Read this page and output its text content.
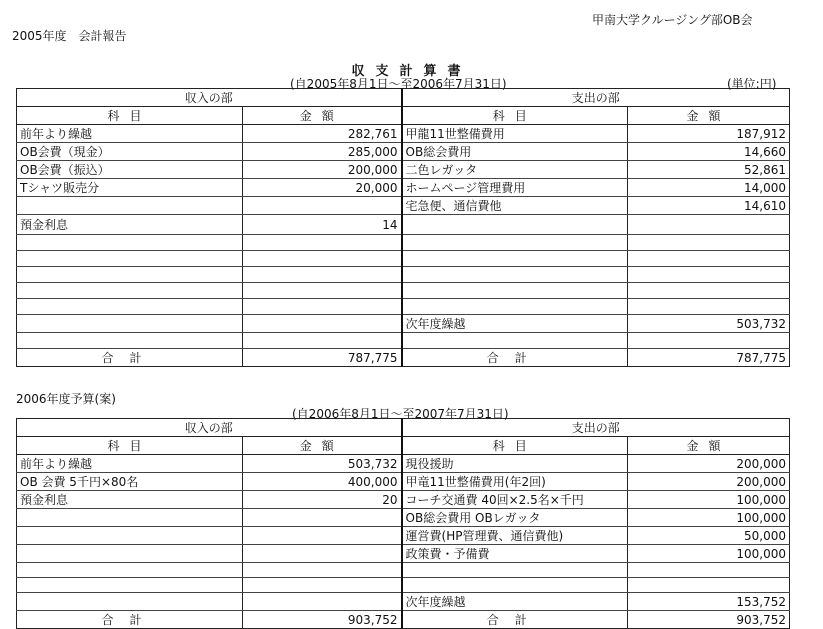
甲南大学クルージング部OB会
2005年度　会計報告
収支計算書
(自2005年8月1日～至2006年7月31日)	(単位:円)
収入の部		支出の部	
科目	金額	科目	金額
前年より繰越	282,761	甲龍11世整備費用	187,912
OB会費（現金）	285,000	OB総会費用	14,660
OB会費（振込）	200,000	二色レガッタ	52,861
Tシャツ販売分	20,000	ホームページ管理費用	14,000
		宅急便、通信費他	14,610
預金利息	14		

		次年度繰越	503,732

合計	787,775	合計	787,775
2006年度予算(案)
(自2006年8月1日～至2007年7月31日)
収入の部		支出の部	
科目	金額	科目	金額
前年より繰越	503,732	現役援助	200,000
OB 会費 5千円×80名	400,000	甲竜11世整備費用(年2回)	200,000
預金利息	20	コーチ交通費 40回×2.5名×千円	100,000
		OB総会費用 OBレガッタ	100,000
		運営費(HP管理費、通信費他)	50,000
		政策費・予備費	100,000

		次年度繰越	153,752
合計	903,752	合計	903,752
